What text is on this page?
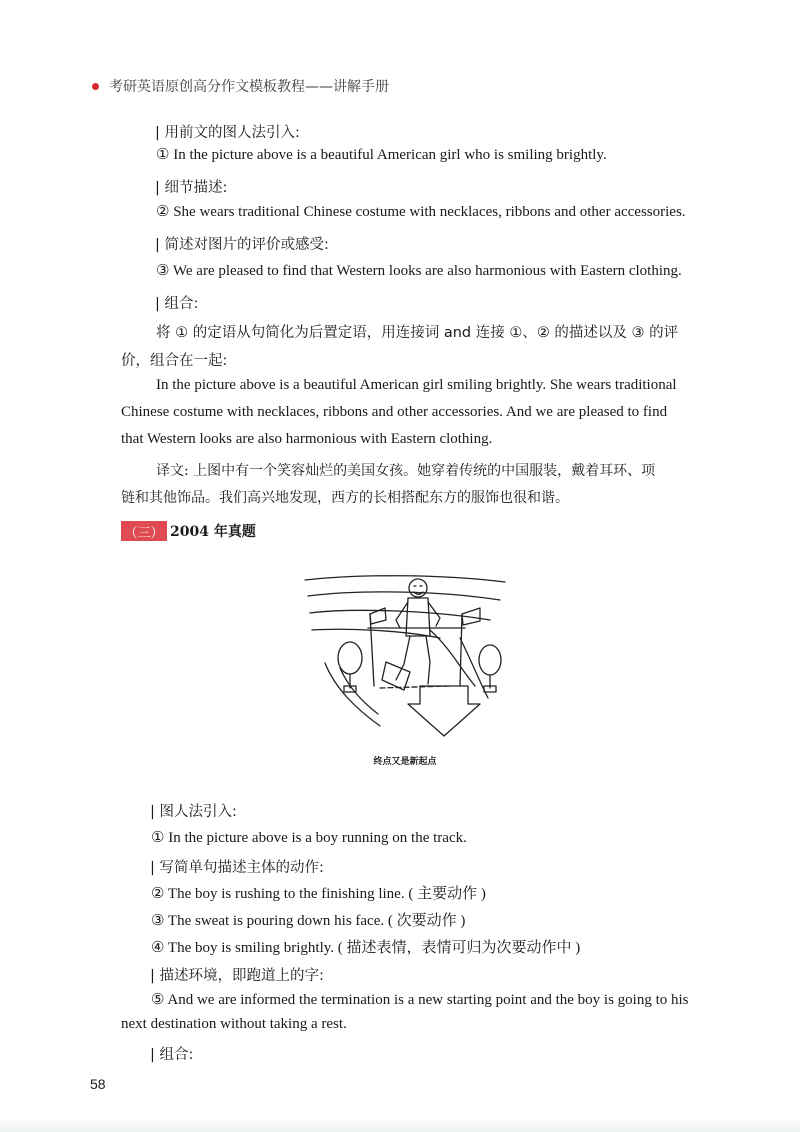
考研英语原创高分作文模板教程——讲解手册
| 用前文的图人法引入:
① In the picture above is a beautiful American girl who is smiling brightly.
| 细节描述:
② She wears traditional Chinese costume with necklaces, ribbons and other accessories.
| 简述对图片的评价或感受:
③ We are pleased to find that Western looks are also harmonious with Eastern clothing.
| 组合:
将 ① 的定语从句简化为后置定语，用连接词 and 连接 ①、② 的描述以及 ③ 的评
价，组合在一起:
In the picture above is a beautiful American girl smiling brightly. She wears traditional
Chinese costume with necklaces, ribbons and other accessories. And we are pleased to find
that Western looks are also harmonious with Eastern clothing.
译文: 上图中有一个笑容灿烂的美国女孩。她穿着传统的中国服装，戴着耳环、项
链和其他饰品。我们高兴地发现，西方的长相搭配东方的服饰也很和谐。
（三） 2004 年真题
终点又是新起点
| 图人法引入:
① In the picture above is a boy running on the track.
| 写简单句描述主体的动作:
② The boy is rushing to the finishing line. ( 主要动作 )
③ The sweat is pouring down his face. ( 次要动作 )
④ The boy is smiling brightly. ( 描述表情，表情可归为次要动作中 )
| 描述环境，即跑道上的字:
⑤ And we are informed the termination is a new starting point and the boy is going to his
next destination without taking a rest.
| 组合:
58
